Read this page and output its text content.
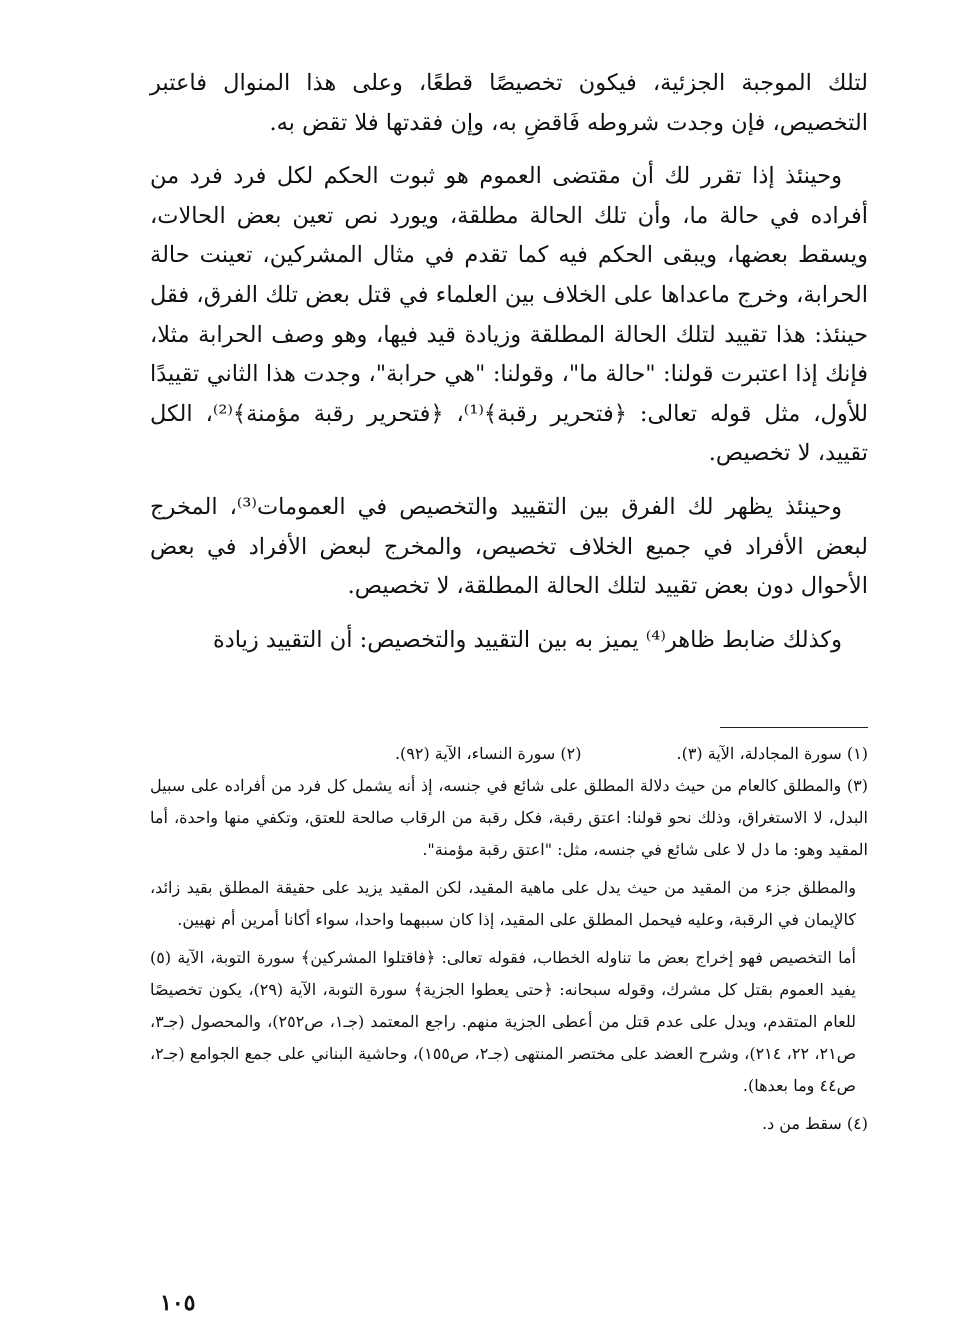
لتلك الموجبة الجزئية، فيكون تخصيصًا قطعًا، وعلى هذا المنوال فاعتبر التخصيص، فإن وجدت شروطه فَاقضِ به، وإن فقدتها فلا تقض به.

وحينئذ إذا تقرر لك أن مقتضى العموم هو ثبوت الحكم لكل فرد فرد من أفراده في حالة ما، وأن تلك الحالة مطلقة، ويورد نص تعين بعض الحالات، ويسقط بعضها، ويبقى الحكم فيه كما تقدم في مثال المشركين، تعينت حالة الحرابة، وخرج ماعداها على الخلاف بين العلماء في قتل بعض تلك الفرق، فقل حينئذ: هذا تقييد لتلك الحالة المطلقة وزيادة قيد فيها، وهو وصف الحرابة مثلا، فإنك إذا اعتبرت قولنا: "حالة ما"، وقولنا: "هي حرابة"، وجدت هذا الثاني تقييدًا للأول، مثل قوله تعالى: ﴿فتحرير رقبة﴾⁽¹⁾، ﴿فتحرير رقبة مؤمنة﴾⁽²⁾، الكل تقييد، لا تخصيص.

وحينئذ يظهر لك الفرق بين التقييد والتخصيص في العمومات⁽³⁾، المخرج لبعض الأفراد في جميع الخلاف تخصيص، والمخرج لبعض الأفراد في بعض الأحوال دون بعض تقييد لتلك الحالة المطلقة، لا تخصيص.

وكذلك ضابط ظاهر⁽⁴⁾ يميز به بين التقييد والتخصيص: أن التقييد زيادة

(١) سورة المجادلة، الآية (٣).
(٢) سورة النساء، الآية (٩٢).

(٣) والمطلق كالعام من حيث دلالة المطلق على شائع في جنسه، إذ أنه يشمل كل فرد من أفراده على سبيل البدل، لا الاستغراق، وذلك نحو قولنا: اعتق رقبة، فكل رقبة من الرقاب صالحة للعتق، وتكفي منها واحدة، أما المقيد وهو: ما دل لا على شائع في جنسه، مثل: "اعتق رقبة مؤمنة".

والمطلق جزء من المقيد من حيث يدل على ماهية المقيد، لكن المقيد يزيد على حقيقة المطلق بقيد زائد، كالإيمان في الرقبة، وعليه فيحمل المطلق على المقيد، إذا كان سببهما واحدا، سواء أكانا أمرين أم نهيين.

أما التخصيص فهو إخراج بعض ما تناوله الخطاب، فقوله تعالى: ﴿فاقتلوا المشركين﴾ سورة التوبة، الآية (٥) يفيد العموم بقتل كل مشرك، وقوله سبحانه: ﴿حتى يعطوا الجزية﴾ سورة التوبة، الآية (٢٩)، يكون تخصيصًا للعام المتقدم، ويدل على عدم قتل من أعطى الجزية منهم. راجع المعتمد (جـ١، ص٢٥٢)، والمحصول (جـ٣، ص٢١، ٢٢، ٢١٤)، وشرح العضد على مختصر المنتهى (جـ٢، ص١٥٥)، وحاشية البناني على جمع الجوامع (جـ٢، ص٤٤ وما بعدها).

(٤) سقط من د.

١٠٥
